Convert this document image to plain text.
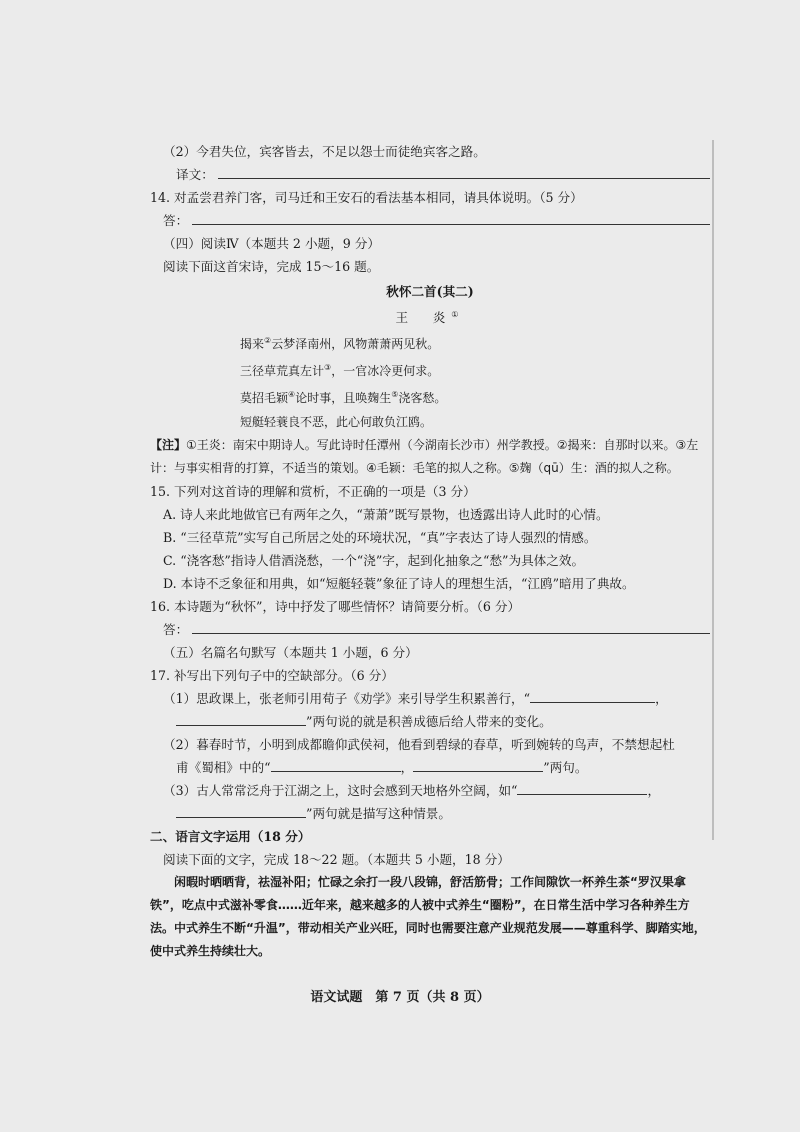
（2）今君失位，宾客皆去，不足以怨士而徒绝宾客之路。
译文：
14. 对孟尝君养门客，司马迁和王安石的看法基本相同，请具体说明。（5 分）
答：
（四）阅读Ⅳ（本题共 2 小题，9 分）
阅读下面这首宋诗，完成 15～16 题。
秋怀二首(其二)
王　炎①
揭来②云梦泽南州，风物萧萧两见秋。
三径草荒真左计③，一官冰冷更何求。
莫招毛颖④论时事，且唤麹生⑤浇客愁。
短艇轻蓑良不恶，此心何敢负江鸥。
【注】①王炎：南宋中期诗人。写此诗时任潭州（今湖南长沙市）州学教授。②揭来：自那时以来。③左计：与事实相背的打算，不适当的策划。④毛颖：毛笔的拟人之称。⑤麹（qū）生：酒的拟人之称。
15. 下列对这首诗的理解和赏析，不正确的一项是（3 分）
A. 诗人来此地做官已有两年之久，“萧萧”既写景物，也透露出诗人此时的心情。
B. “三径草荒”实写自己所居之处的环境状况，“真”字表达了诗人强烈的情感。
C. “浇客愁”指诗人借酒浇愁，一个“浇”字，起到化抽象之“愁”为具体之效。
D. 本诗不乏象征和用典，如“短艇轻蓑”象征了诗人的理想生活，“江鸥”暗用了典故。
16. 本诗题为“秋怀”，诗中抒发了哪些情怀？请简要分析。（6 分）
答：
（五）名篇名句默写（本题共 1 小题，6 分）
17. 补写出下列句子中的空缺部分。（6 分）
（1）思政课上，张老师引用荀子《劝学》来引导学生积累善行，“	，
”两句说的就是积善成德后给人带来的变化。
（2）暮春时节，小明到成都瞻仰武侯祠，他看到碧绿的春草，听到婉转的鸟声，不禁想起杜
甫《蜀相》中的“	，	”两句。
（3）古人常常泛舟于江湖之上，这时会感到天地格外空阔，如“	，
”两句就是描写这种情景。
二、语言文字运用（18 分）
阅读下面的文字，完成 18～22 题。（本题共 5 小题，18 分）
闲暇时晒晒背，祛湿补阳；忙碌之余打一段八段锦，舒活筋骨；工作间隙饮一杯养生茶“罗汉果拿铁”，吃点中式滋补零食……近年来，越来越多的人被中式养生“圈粉”，在日常生活中学习各种养生方法。中式养生不断“升温”，带动相关产业兴旺，同时也需要注意产业规范发展——尊重科学、脚踏实地，使中式养生持续壮大。
语文试题　第 7 页（共 8 页）
